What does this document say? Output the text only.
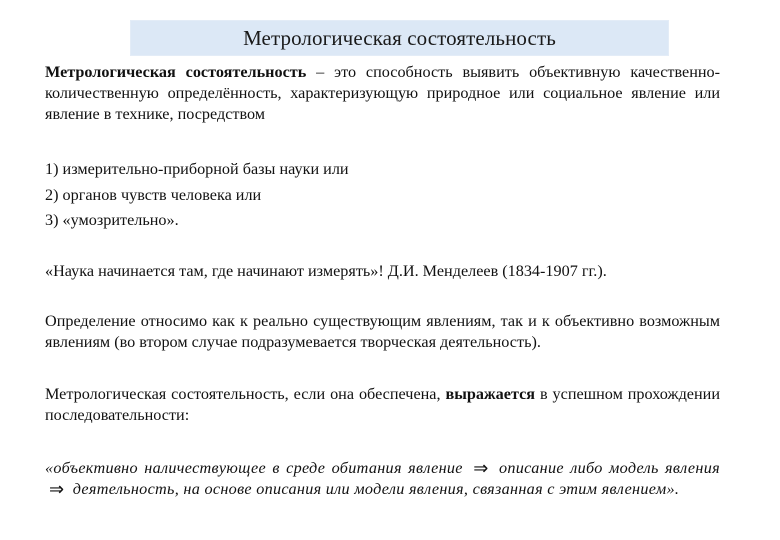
Метрологическая состоятельность

Метрологическая состоятельность – это способность выявить объективную качественно-количественную определённость, характеризующую природное или социальное явление или явление в технике, посредством

1) измерительно-приборной базы науки или

2) органов чувств человека или

3) «умозрительно».

«Наука начинается там, где начинают измерять»! Д.И. Менделеев (1834-1907 гг.).

Определение относимо как к реально существующим явлениям, так и к объективно возможным явлениям (во втором случае подразумевается творческая деятельность).

Метрологическая состоятельность, если она обеспечена, выражается в успешном прохождении последовательности:

«объективно наличествующее в среде обитания явление ⇒ описание либо модель явления ⇒ деятельность, на основе описания или модели явления, связанная с этим явлением».
